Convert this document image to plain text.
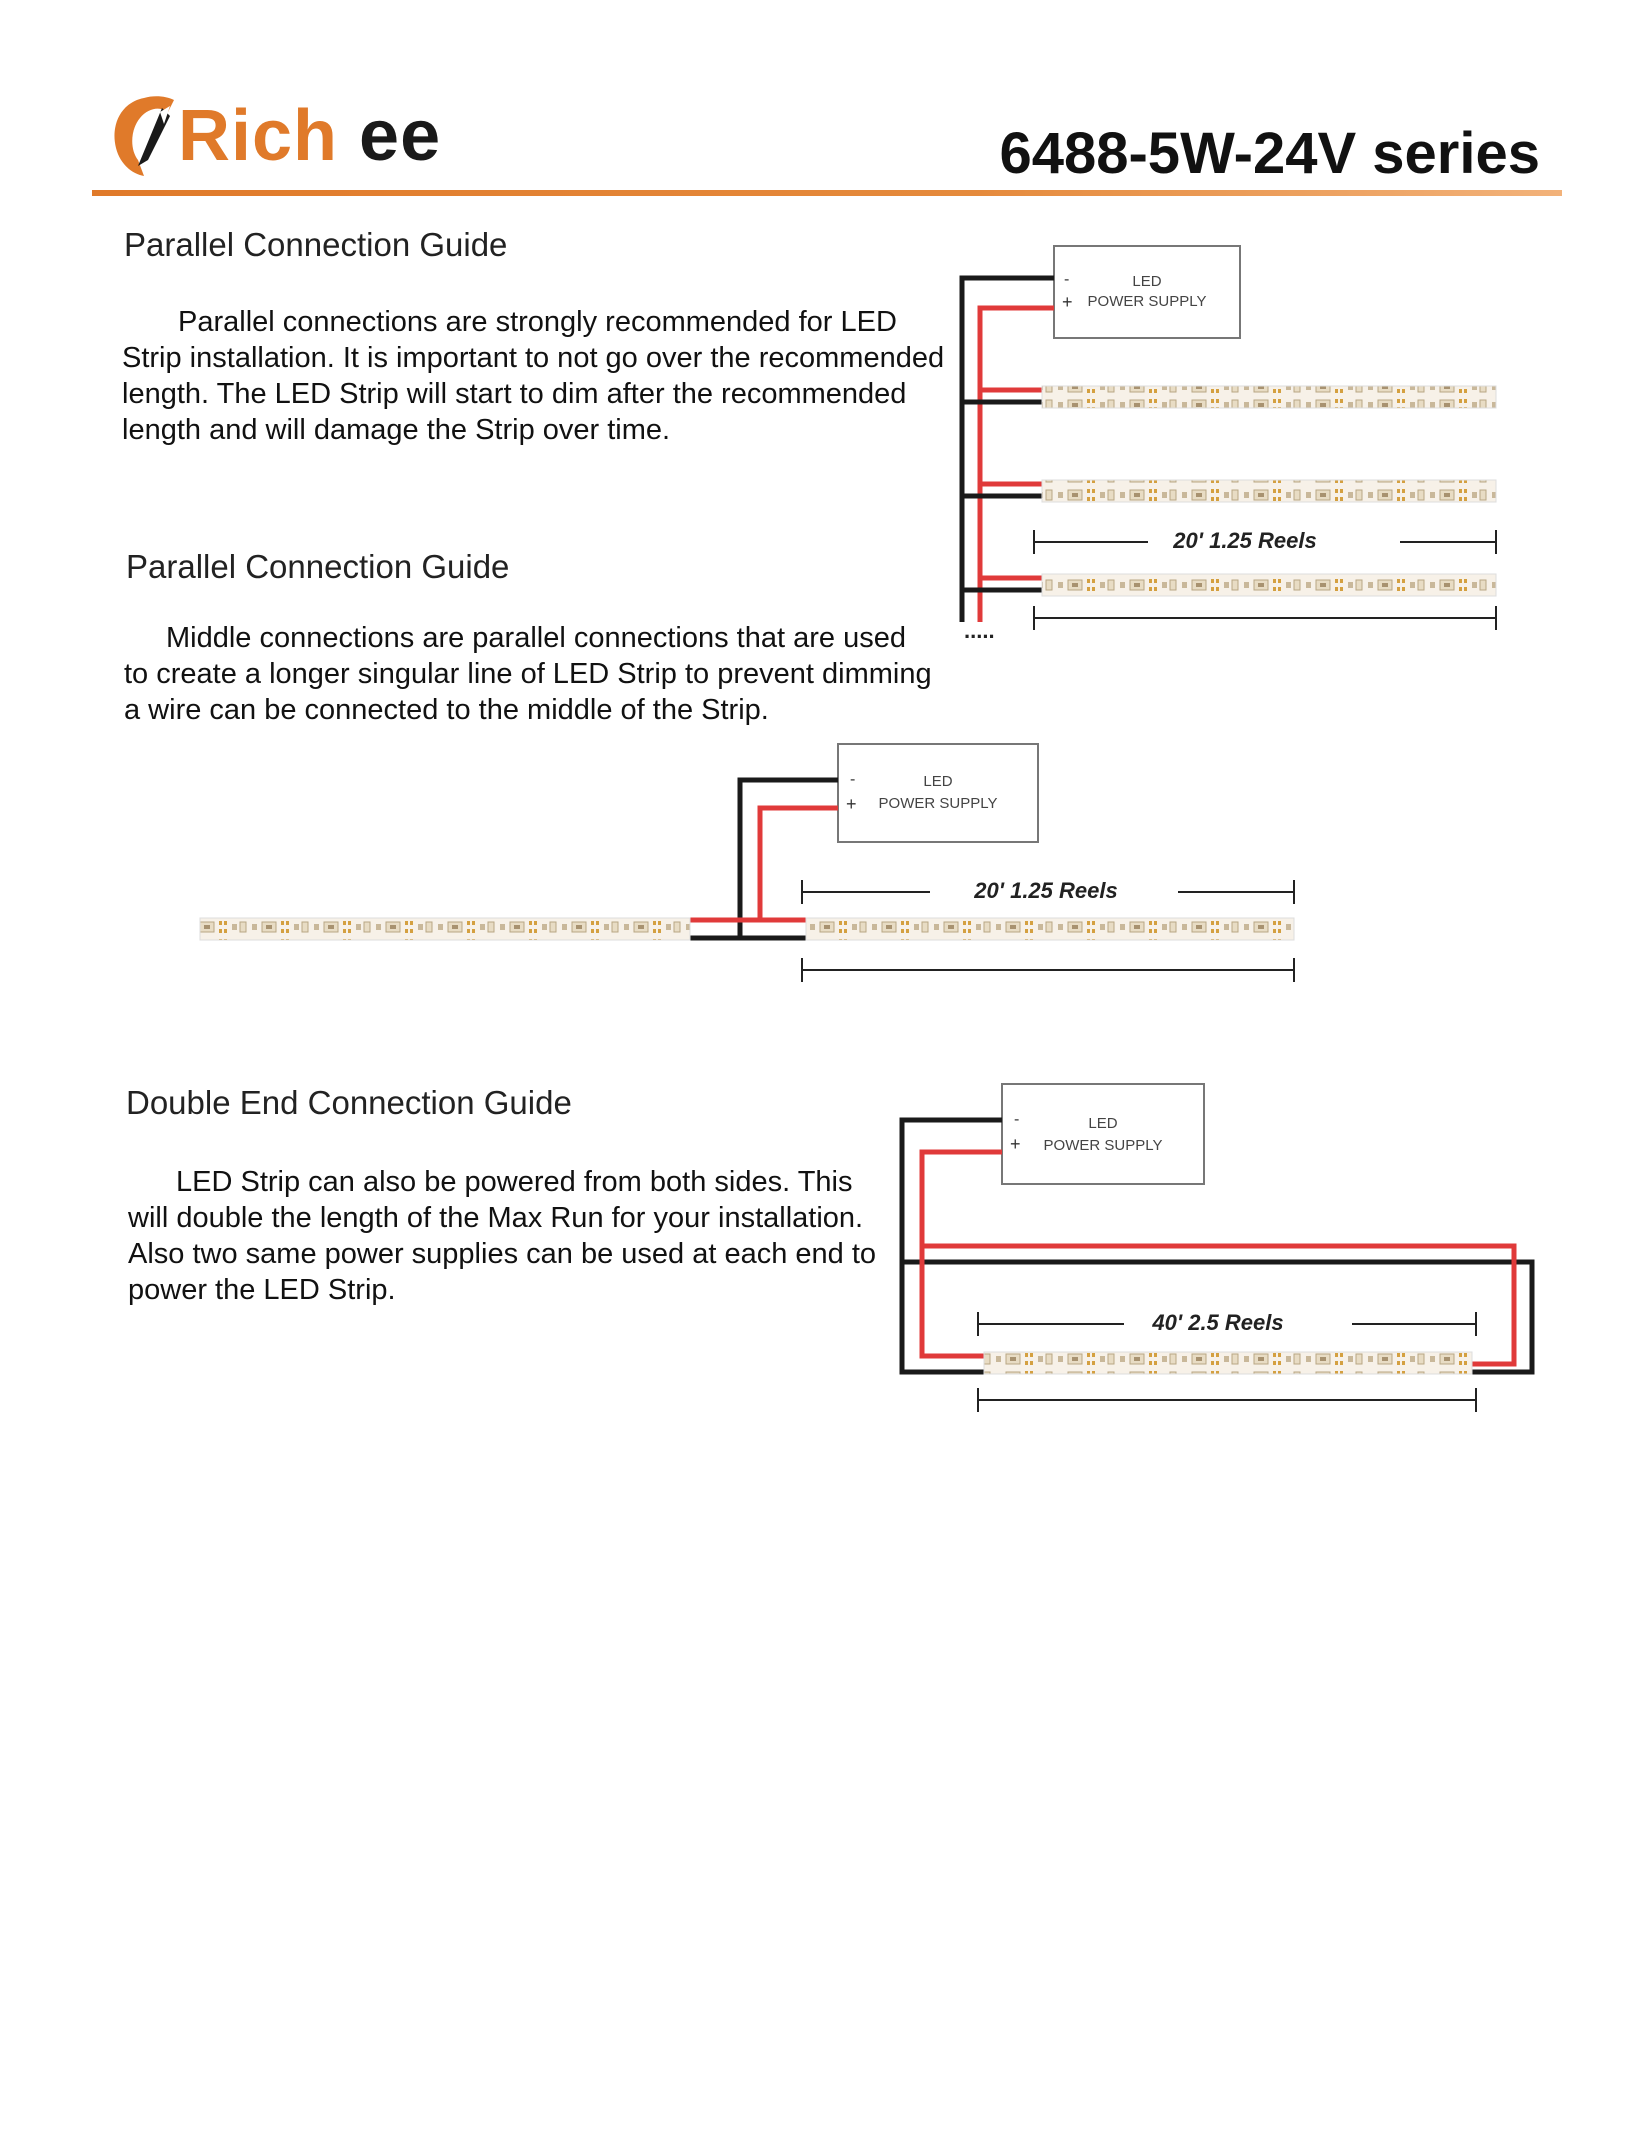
Rich ee	6488-5W-24V series
Parallel Connection Guide
Parallel connections are strongly recommended for LED Strip installation. It is important to not go over the recommended length. The LED Strip will start to dim after the recommended length and will damage the Strip over time.
Parallel Connection Guide
Middle connections are parallel connections that are used to create a longer singular line of LED Strip to prevent dimming a wire can be connected to the middle of the Strip.
Double End Connection Guide
LED Strip can also be powered from both sides. This will double the length of the Max Run for your installation. Also two same power supplies can be used at each end to power the LED Strip.
-
+
LED
POWER SUPPLY
20' 1.25 Reels
.....
-
+
LED
POWER SUPPLY
20' 1.25 Reels
-
+
LED
POWER SUPPLY
40' 2.5 Reels
